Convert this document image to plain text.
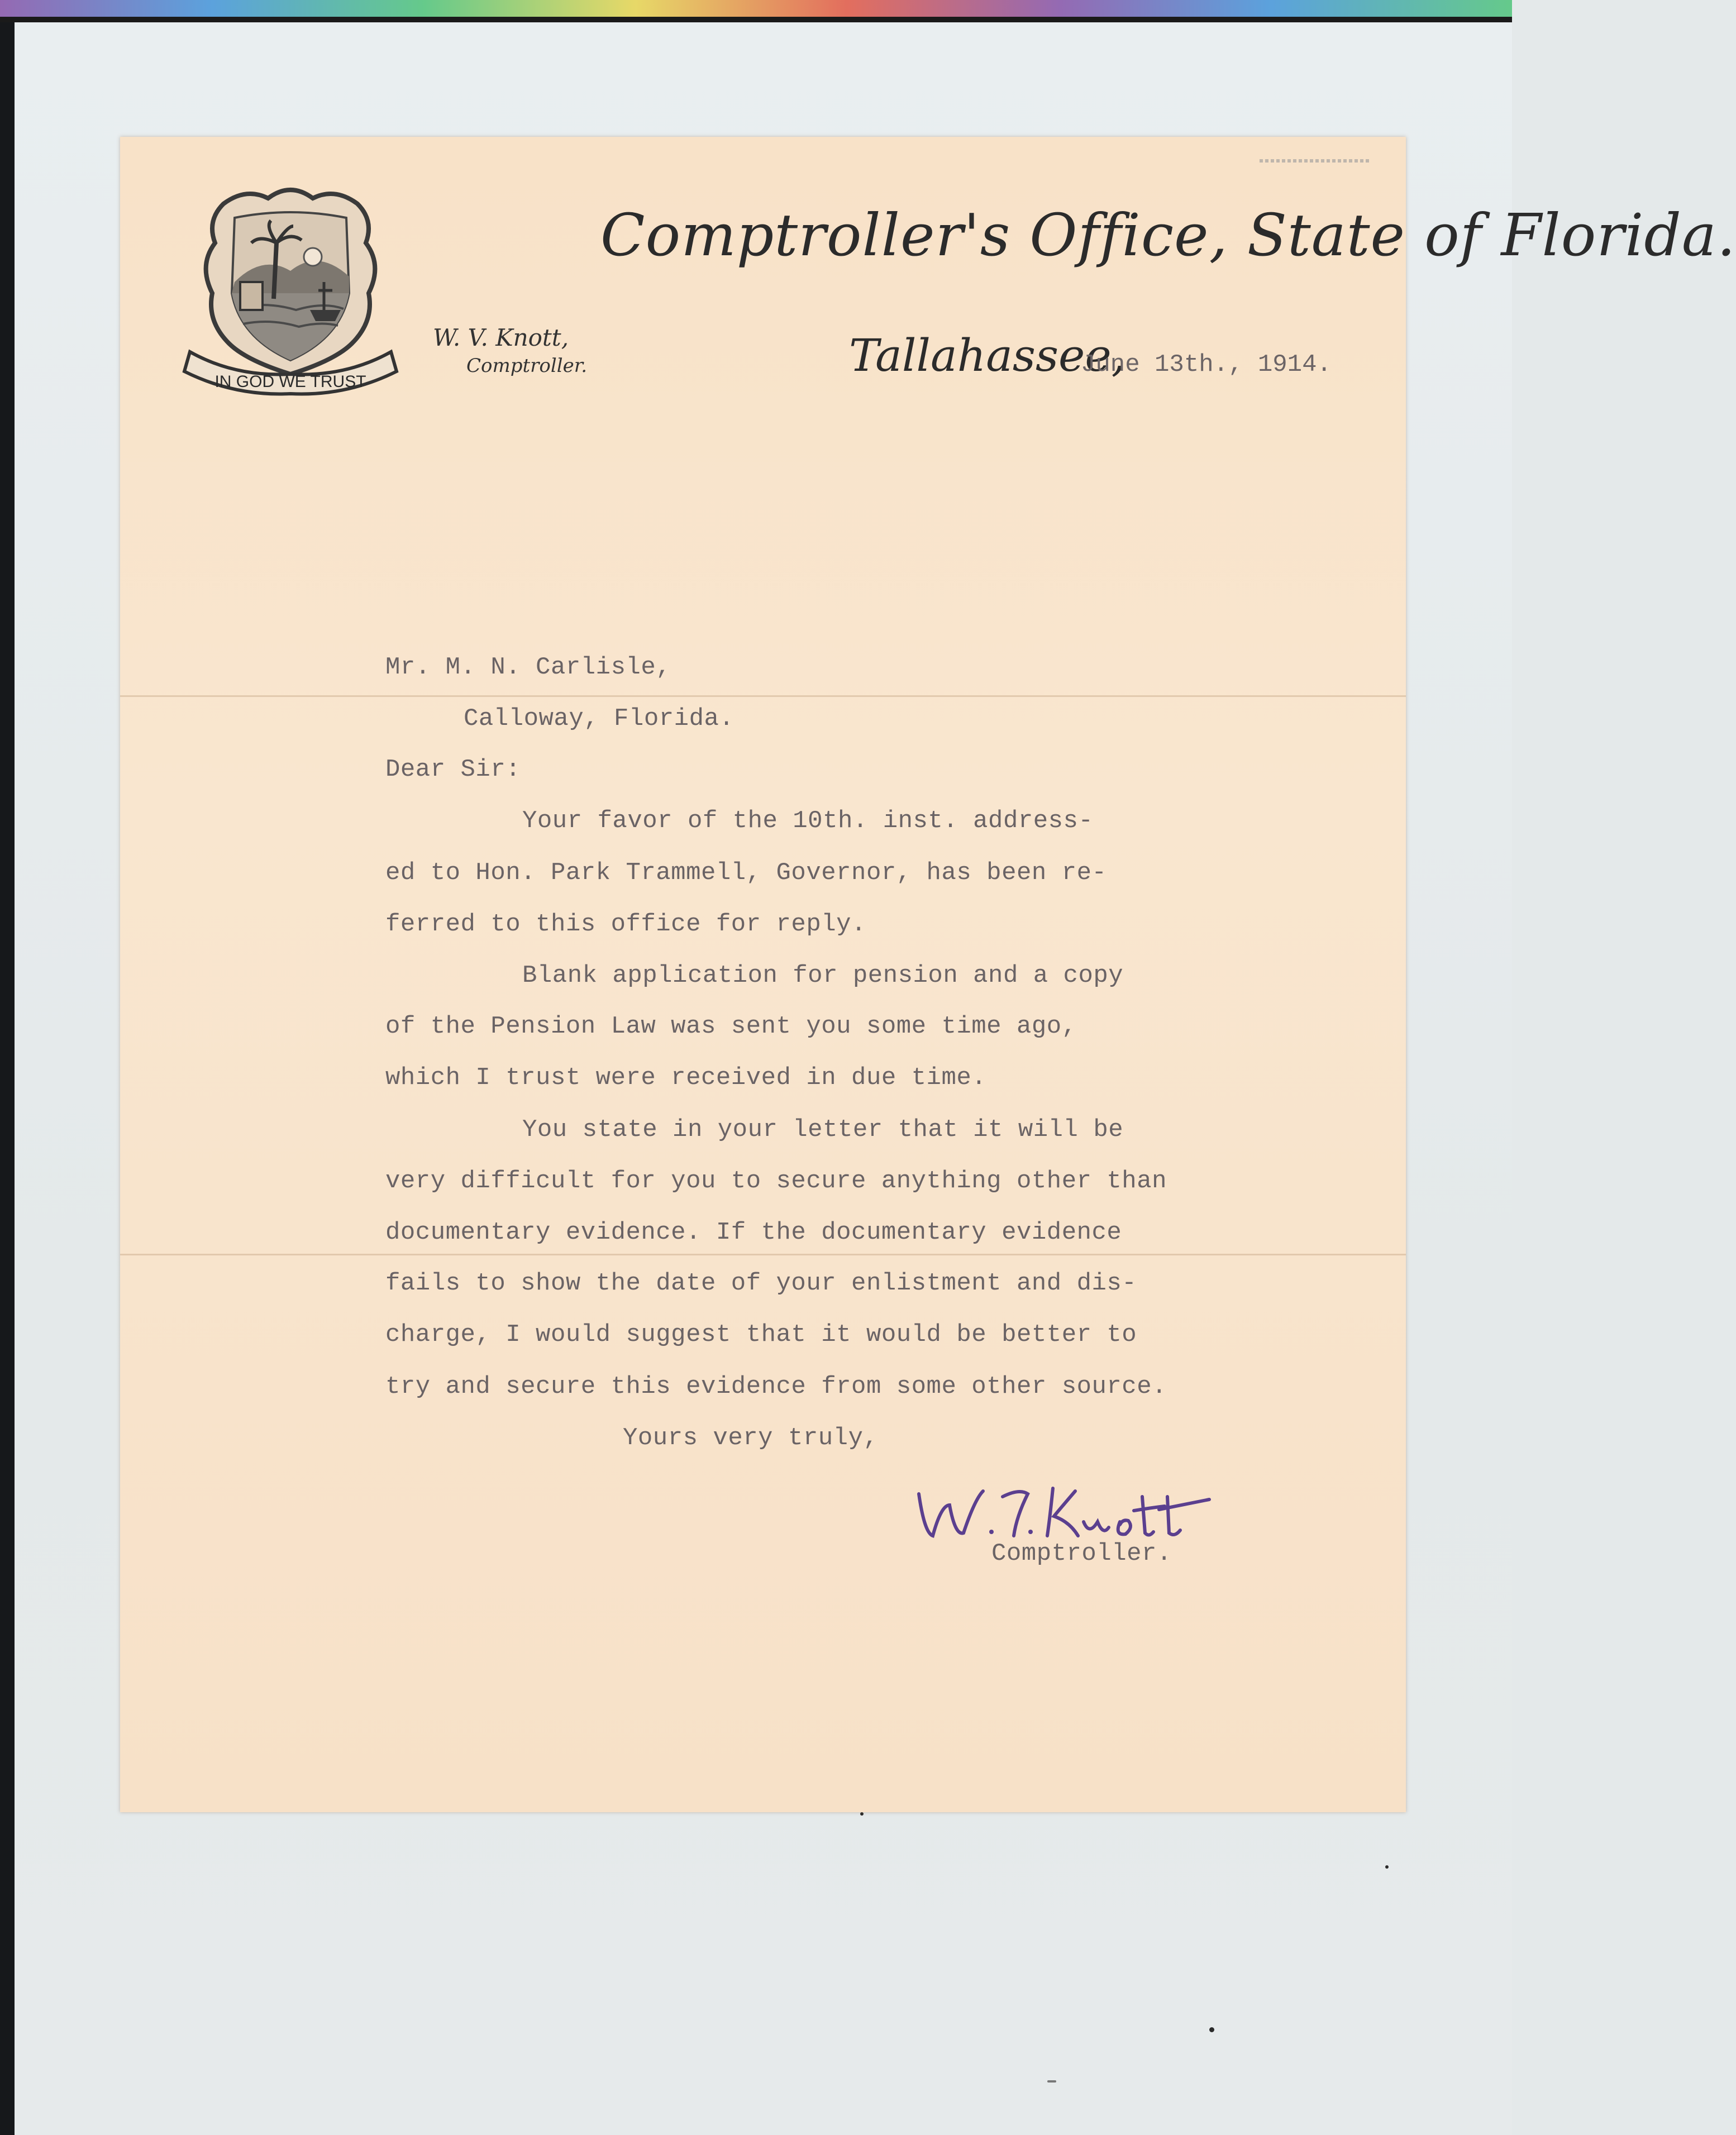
IN GOD WE TRUST
Comptroller's Office, State of Florida.
W. V. Knott,
Comptroller.	Tallahassee,
June 13th., 1914.
Mr. M. N. Carlisle,
Calloway, Florida.
Dear Sir:
Your favor of the 10th. inst. address-
ed to Hon. Park Trammell, Governor, has been re-
ferred to this office for reply.
Blank application for pension and a copy
of the Pension Law was sent you some time ago,
which I trust were received in due time.
You state in your letter that it will be
very difficult for you to secure anything other than
documentary evidence. If the documentary evidence
fails to show the date of your enlistment and dis-
charge, I would suggest that it would be better to
try and secure this evidence from some other source.
Yours very truly,
Comptroller.
